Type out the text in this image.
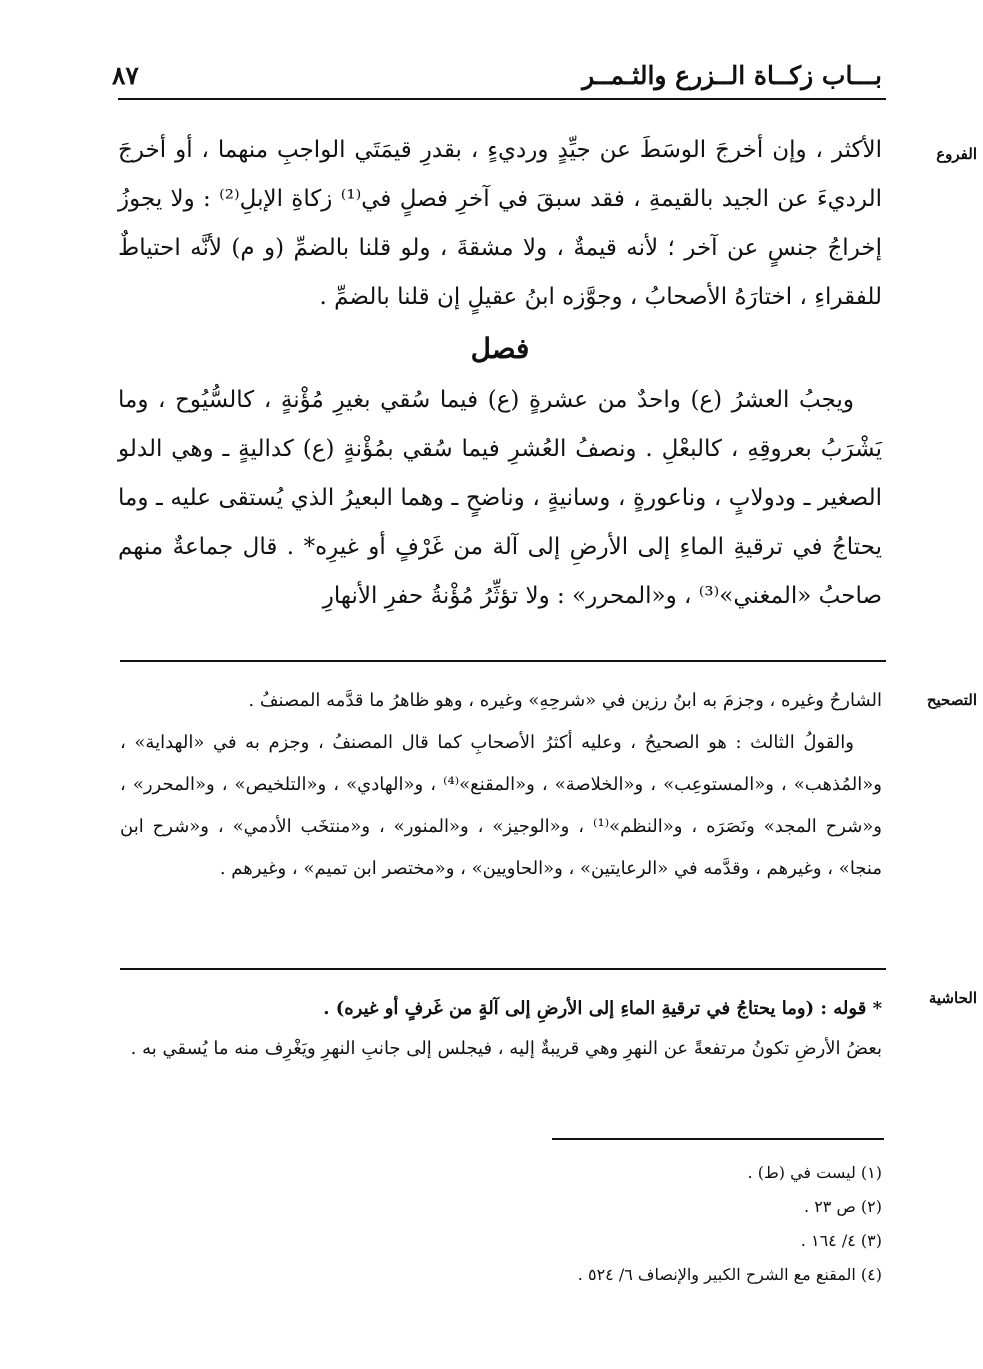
بـــاب زكــاة الــزرع والثـمــر
٨٧
الفروع

الأكثر ، وإن أخرجَ الوسَطَ عن جيِّدٍ ورديءٍ ، بقدرِ قيمَتَي الواجبِ منهما ، أو أخرجَ الرديءَ عن الجيد بالقيمةِ ، فقد سبقَ في آخرِ فصلٍ في⁽¹⁾ زكاةِ الإبلِ⁽²⁾ : ولا يجوزُ إخراجُ جنسٍ عن آخر ؛ لأنه قيمةٌ ، ولا مشقةَ ، ولو قلنا بالضمِّ (و م) لأنَّه احتياطٌ للفقراءِ ، اختارَهُ الأصحابُ ، وجوَّزه ابنُ عقيلٍ إن قلنا بالضمِّ .

فصل

ويجبُ العشرُ (ع) واحدٌ من عشرةٍ (ع) فيما سُقي بغيرِ مُؤْنةٍ ، كالسُّيُوح ، وما يَشْرَبُ بعروقِهِ ، كالبعْلِ . ونصفُ العُشرِ فيما سُقي بمُؤْنةٍ (ع) كداليةٍ ـ وهي الدلو الصغير ـ ودولابٍ ، وناعورةٍ ، وسانيةٍ ، وناضحٍ ـ وهما البعيرُ الذي يُستقى عليه ـ وما يحتاجُ في ترقيةِ الماءِ إلى الأرضِ إلى آلة من غَرْفٍ أو غيرِه* . قال جماعةٌ منهم صاحبُ «المغني»⁽³⁾ ، و«المحرر» : ولا تؤثِّرُ مُؤْنةُ حفرِ الأنهارِ

التصحيح

الشارحُ وغيره ، وجزمَ به ابنُ رزين في «شرحِهِ» وغيره ، وهو ظاهرُ ما قدَّمه المصنفُ .

والقولُ الثالث : هو الصحيحُ ، وعليه أكثرُ الأصحابِ كما قال المصنفُ ، وجزم به في «الهداية» ، و«المُذهب» ، و«المستوعِب» ، و«الخلاصة» ، و«المقنع»⁽⁴⁾ ، و«الهادي» ، و«التلخيص» ، و«المحرر» ، و«شرح المجد» ونَصَرَه ، و«النظم»⁽¹⁾ ، و«الوجيز» ، و«المنور» ، و«منتخَب الأدمي» ، و«شرح ابن منجا» ، وغيرهم ، وقدَّمه في «الرعايتين» ، و«الحاويين» ، و«مختصر ابن تميم» ، وغيرهم .

الحاشية

* قوله : (وما يحتاجُ في ترقيةِ الماءِ إلى الأرضِ إلى آلةٍ من غَرفٍ أو غيره) .

بعضُ الأرضِ تكونُ مرتفعةً عن النهرِ وهي قريبةٌ إليه ، فيجلس إلى جانبِ النهرِ ويَغْرِف منه ما يُسقي به .

(١) ليست في (ط) .

(٢) ص ٢٣ .

(٣) ٤/ ١٦٤ .

(٤) المقنع مع الشرح الكبير والإنصاف ٦/ ٥٢٤ .
